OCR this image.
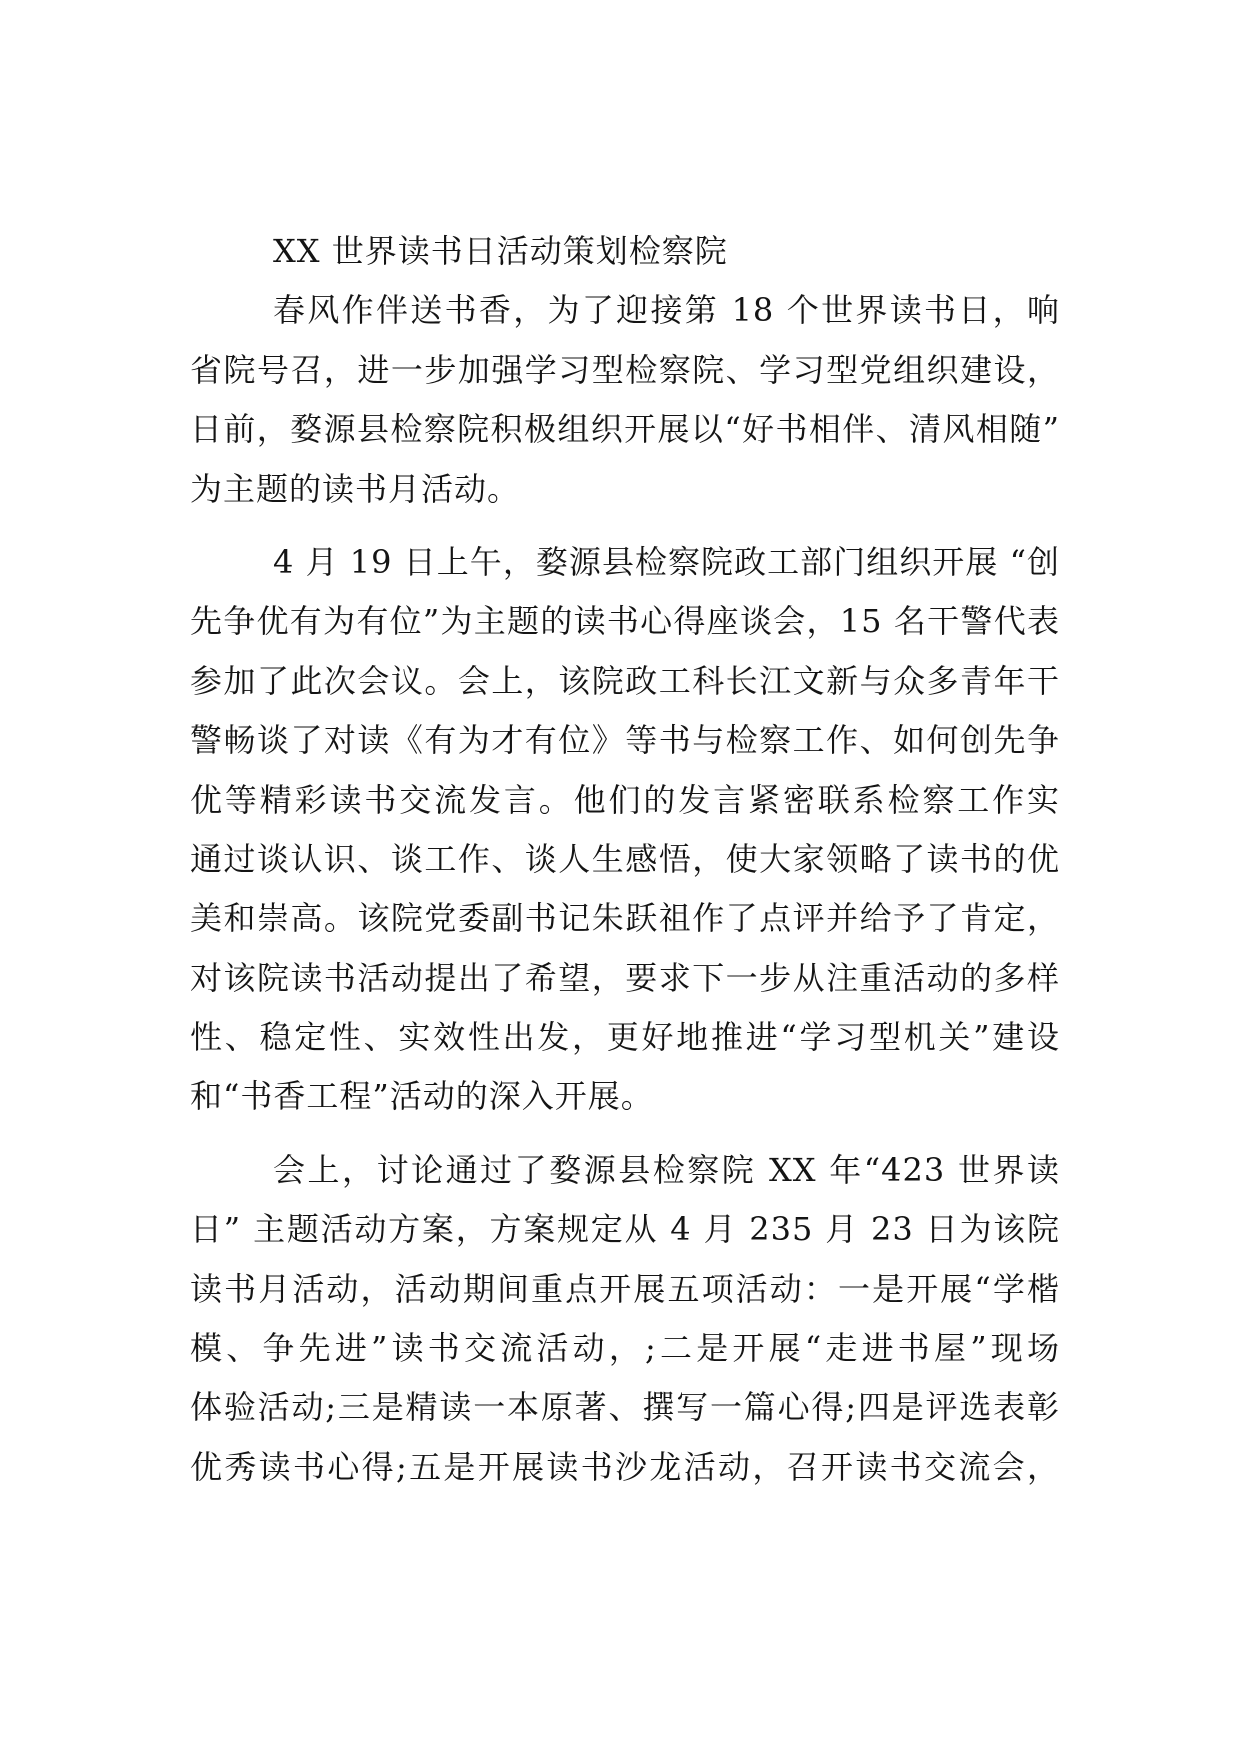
XX 世界读书日活动策划检察院
春风作伴送书香，为了迎接第 18 个世界读书日，响
省院号召，进一步加强学习型检察院、学习型党组织建设，
日前，婺源县检察院积极组织开展以“好书相伴、清风相随”
为主题的读书月活动。
4 月 19 日上午，婺源县检察院政工部门组织开展 “创
先争优有为有位”为主题的读书心得座谈会，15 名干警代表
参加了此次会议。会上，该院政工科长江文新与众多青年干
警畅谈了对读《有为才有位》等书与检察工作、如何创先争
优等精彩读书交流发言。他们的发言紧密联系检察工作实
通过谈认识、谈工作、谈人生感悟，使大家领略了读书的优
美和崇高。该院党委副书记朱跃祖作了点评并给予了肯定，
对该院读书活动提出了希望，要求下一步从注重活动的多样
性、稳定性、实效性出发，更好地推进“学习型机关”建设
和“书香工程”活动的深入开展。
会上，讨论通过了婺源县检察院 XX 年“423 世界读
日” 主题活动方案，方案规定从 4 月 235 月 23 日为该院
读书月活动，活动期间重点开展五项活动：一是开展“学楷
模、争先进”读书交流活动，;二是开展“走进书屋”现场
体验活动;三是精读一本原著、撰写一篇心得;四是评选表彰
优秀读书心得;五是开展读书沙龙活动，召开读书交流会，
